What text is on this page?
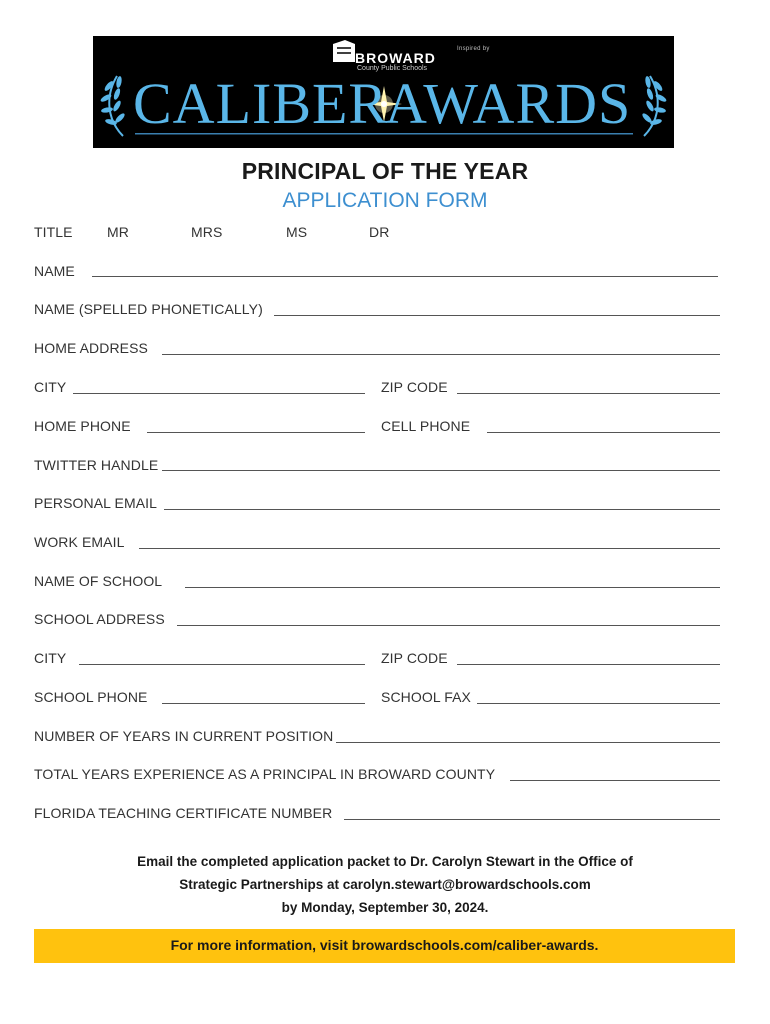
Inspired by
BROWARD
County Public Schools
CALIBER
AWARDS
PRINCIPAL OF THE YEAR
APPLICATION FORM
TITLE MR	MRS	MS	DR
NAME
NAME (SPELLED PHONETICALLY)
HOME ADDRESS
CITY	ZIP CODE
HOME PHONE	CELL PHONE
TWITTER HANDLE
PERSONAL EMAIL
WORK EMAIL
NAME OF SCHOOL
SCHOOL ADDRESS
CITY	ZIP CODE
SCHOOL PHONE	SCHOOL FAX
NUMBER OF YEARS IN CURRENT POSITION
TOTAL YEARS EXPERIENCE AS A PRINCIPAL IN BROWARD COUNTY
FLORIDA TEACHING CERTIFICATE NUMBER
Email the completed application packet to Dr. Carolyn Stewart in the Office of
Strategic Partnerships at carolyn.stewart@browardschools.com
by Monday, September 30, 2024.
For more information, visit browardschools.com/caliber-awards.
